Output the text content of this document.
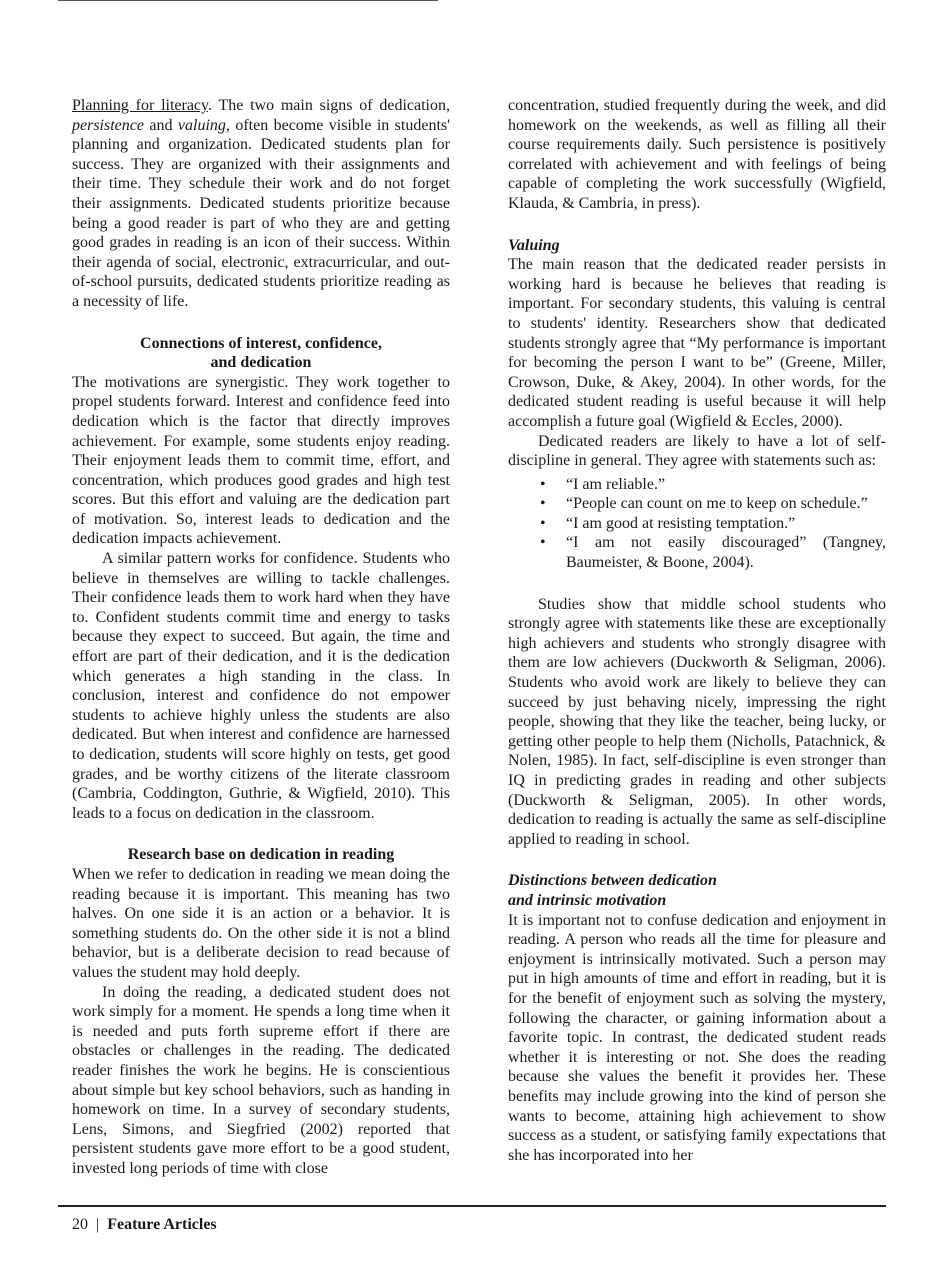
Planning for literacy. The two main signs of dedication, persistence and valuing, often become visible in students' planning and organization. Dedicated students plan for success. They are organized with their assignments and their time. They schedule their work and do not forget their assignments. Dedicated students prioritize because being a good reader is part of who they are and getting good grades in reading is an icon of their success. Within their agenda of social, electronic, extracurricular, and out-of-school pursuits, dedicated students prioritize reading as a necessity of life.

Connections of interest, confidence,
and dedication

The motivations are synergistic. They work together to propel students forward. Interest and confidence feed into dedication which is the factor that directly improves achievement. For example, some students enjoy reading. Their enjoyment leads them to commit time, effort, and concentration, which produces good grades and high test scores. But this effort and valuing are the dedication part of motivation. So, interest leads to dedication and the dedication impacts achievement.

A similar pattern works for confidence. Students who believe in themselves are willing to tackle challenges. Their confidence leads them to work hard when they have to. Confident students commit time and energy to tasks because they expect to succeed. But again, the time and effort are part of their dedication, and it is the dedication which generates a high standing in the class. In conclusion, interest and confidence do not empower students to achieve highly unless the students are also dedicated. But when interest and confidence are harnessed to dedication, students will score highly on tests, get good grades, and be worthy citizens of the literate classroom (Cambria, Coddington, Guthrie, & Wigfield, 2010). This leads to a focus on dedication in the classroom.

Research base on dedication in reading

When we refer to dedication in reading we mean doing the reading because it is important. This meaning has two halves. On one side it is an action or a behavior. It is something students do. On the other side it is not a blind behavior, but is a deliberate decision to read because of values the student may hold deeply.

In doing the reading, a dedicated student does not work simply for a moment. He spends a long time when it is needed and puts forth supreme effort if there are obstacles or challenges in the reading. The dedicated reader finishes the work he begins. He is conscientious about simple but key school behaviors, such as handing in homework on time. In a survey of secondary students, Lens, Simons, and Siegfried (2002) reported that persistent students gave more effort to be a good student, invested long periods of time with close

concentration, studied frequently during the week, and did homework on the weekends, as well as filling all their course requirements daily. Such persistence is positively correlated with achievement and with feelings of being capable of completing the work successfully (Wigfield, Klauda, & Cambria, in press).

Valuing

The main reason that the dedicated reader persists in working hard is because he believes that reading is important. For secondary students, this valuing is central to students' identity. Researchers show that dedicated students strongly agree that “My performance is important for becoming the person I want to be” (Greene, Miller, Crowson, Duke, & Akey, 2004). In other words, for the dedicated student reading is useful because it will help accomplish a future goal (Wigfield & Eccles, 2000).

Dedicated readers are likely to have a lot of self-discipline in general. They agree with statements such as:

• “I am reliable.”
• “People can count on me to keep on schedule.”
• “I am good at resisting temptation.”
• “I am not easily discouraged” (Tangney, Baumeister, & Boone, 2004).

Studies show that middle school students who strongly agree with statements like these are exceptionally high achievers and students who strongly disagree with them are low achievers (Duckworth & Seligman, 2006). Students who avoid work are likely to believe they can succeed by just behaving nicely, impressing the right people, showing that they like the teacher, being lucky, or getting other people to help them (Nicholls, Patachnick, & Nolen, 1985). In fact, self-discipline is even stronger than IQ in predicting grades in reading and other subjects (Duckworth & Seligman, 2005). In other words, dedication to reading is actually the same as self-discipline applied to reading in school.

Distinctions between dedication
and intrinsic motivation

It is important not to confuse dedication and enjoyment in reading. A person who reads all the time for pleasure and enjoyment is intrinsically motivated. Such a person may put in high amounts of time and effort in reading, but it is for the benefit of enjoyment such as solving the mystery, following the character, or gaining information about a favorite topic. In contrast, the dedicated student reads whether it is interesting or not. She does the reading because she values the benefit it provides her. These benefits may include growing into the kind of person she wants to become, attaining high achievement to show success as a student, or satisfying family expectations that she has incorporated into her

20 | Feature Articles
